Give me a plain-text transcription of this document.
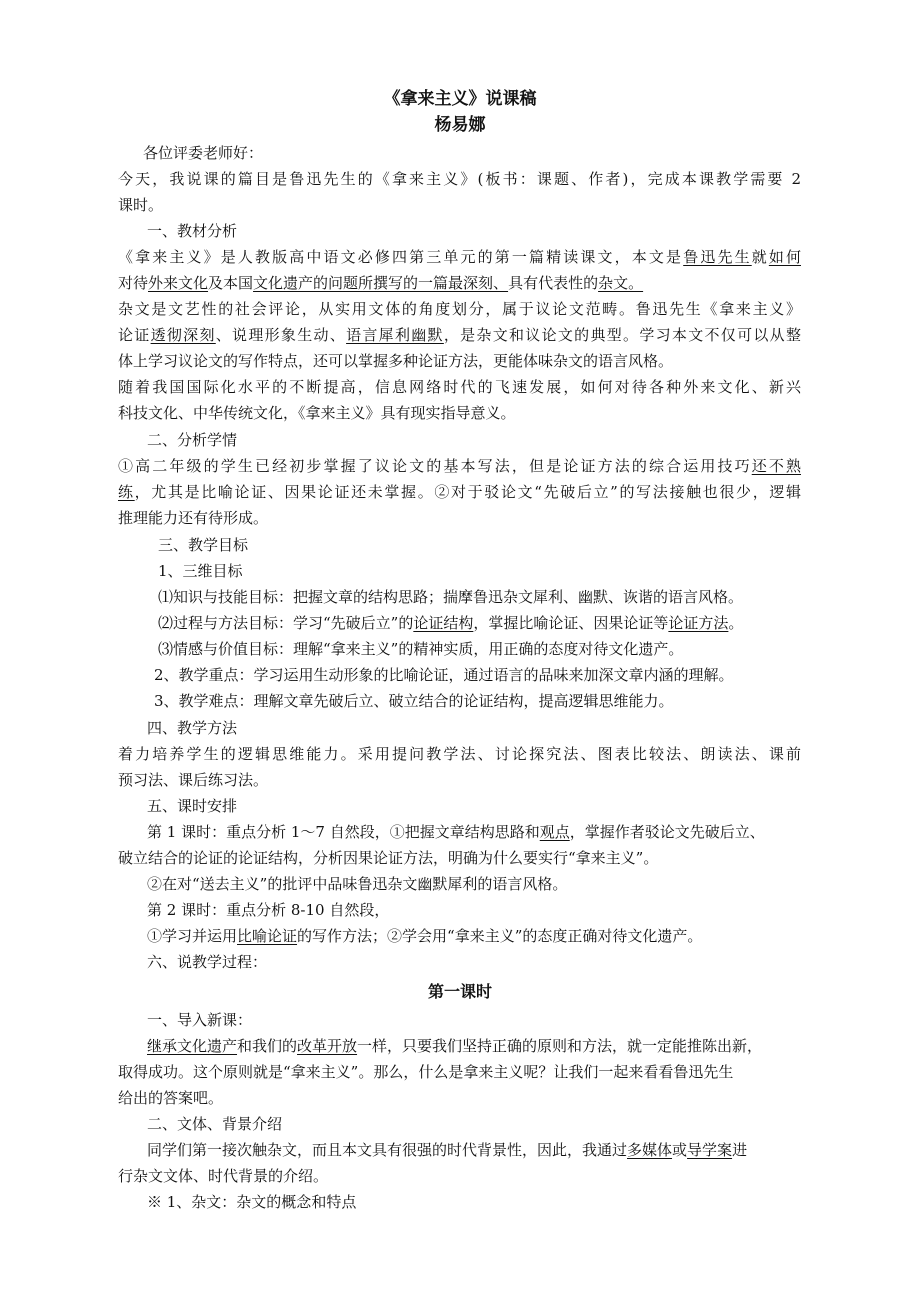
《拿来主义》说课稿
杨易娜
各位评委老师好：
今天，我说课的篇目是鲁迅先生的《拿来主义》(板书：课题、作者)，完成本课教学需要 2
课时。
一、教材分析
《拿来主义》是人教版高中语文必修四第三单元的第一篇精读课文，本文是鲁迅先生就如何
对待外来文化及本国文化遗产的问题所撰写的一篇最深刻、具有代表性的杂文。
杂文是文艺性的社会评论，从实用文体的角度划分，属于议论文范畴。鲁迅先生《拿来主义》
论证透彻深刻、说理形象生动、语言犀利幽默，是杂文和议论文的典型。学习本文不仅可以从整
体上学习议论文的写作特点，还可以掌握多种论证方法，更能体味杂文的语言风格。
随着我国国际化水平的不断提高，信息网络时代的飞速发展，如何对待各种外来文化、新兴
科技文化、中华传统文化，《拿来主义》具有现实指导意义。
二、分析学情
①高二年级的学生已经初步掌握了议论文的基本写法，但是论证方法的综合运用技巧还不熟
练，尤其是比喻论证、因果论证还未掌握。②对于驳论文“先破后立”的写法接触也很少，逻辑
推理能力还有待形成。
三、教学目标
1、三维目标
⑴知识与技能目标：把握文章的结构思路；揣摩鲁迅杂文犀利、幽默、诙谐的语言风格。
⑵过程与方法目标：学习“先破后立”的论证结构，掌握比喻论证、因果论证等论证方法。
⑶情感与价值目标：理解“拿来主义”的精神实质，用正确的态度对待文化遗产。
2、教学重点：学习运用生动形象的比喻论证，通过语言的品味来加深文章内涵的理解。
3、教学难点：理解文章先破后立、破立结合的论证结构，提高逻辑思维能力。
四、教学方法
着力培养学生的逻辑思维能力。采用提问教学法、讨论探究法、图表比较法、朗读法、课前
预习法、课后练习法。
五、课时安排
第 1 课时：重点分析 1～7 自然段，①把握文章结构思路和观点，掌握作者驳论文先破后立、
破立结合的论证的论证结构，分析因果论证方法，明确为什么要实行“拿来主义”。
②在对“送去主义”的批评中品味鲁迅杂文幽默犀利的语言风格。
第 2 课时：重点分析 8-10 自然段，
①学习并运用比喻论证的写作方法；②学会用“拿来主义”的态度正确对待文化遗产。
六、说教学过程：
第一课时
一、导入新课：
继承文化遗产和我们的改革开放一样，只要我们坚持正确的原则和方法，就一定能推陈出新，
取得成功。这个原则就是“拿来主义”。那么，什么是拿来主义呢？让我们一起来看看鲁迅先生
给出的答案吧。
二、文体、背景介绍
同学们第一接次触杂文，而且本文具有很强的时代背景性，因此，我通过多媒体或导学案进
行杂文文体、时代背景的介绍。
※ 1、杂文：杂文的概念和特点
